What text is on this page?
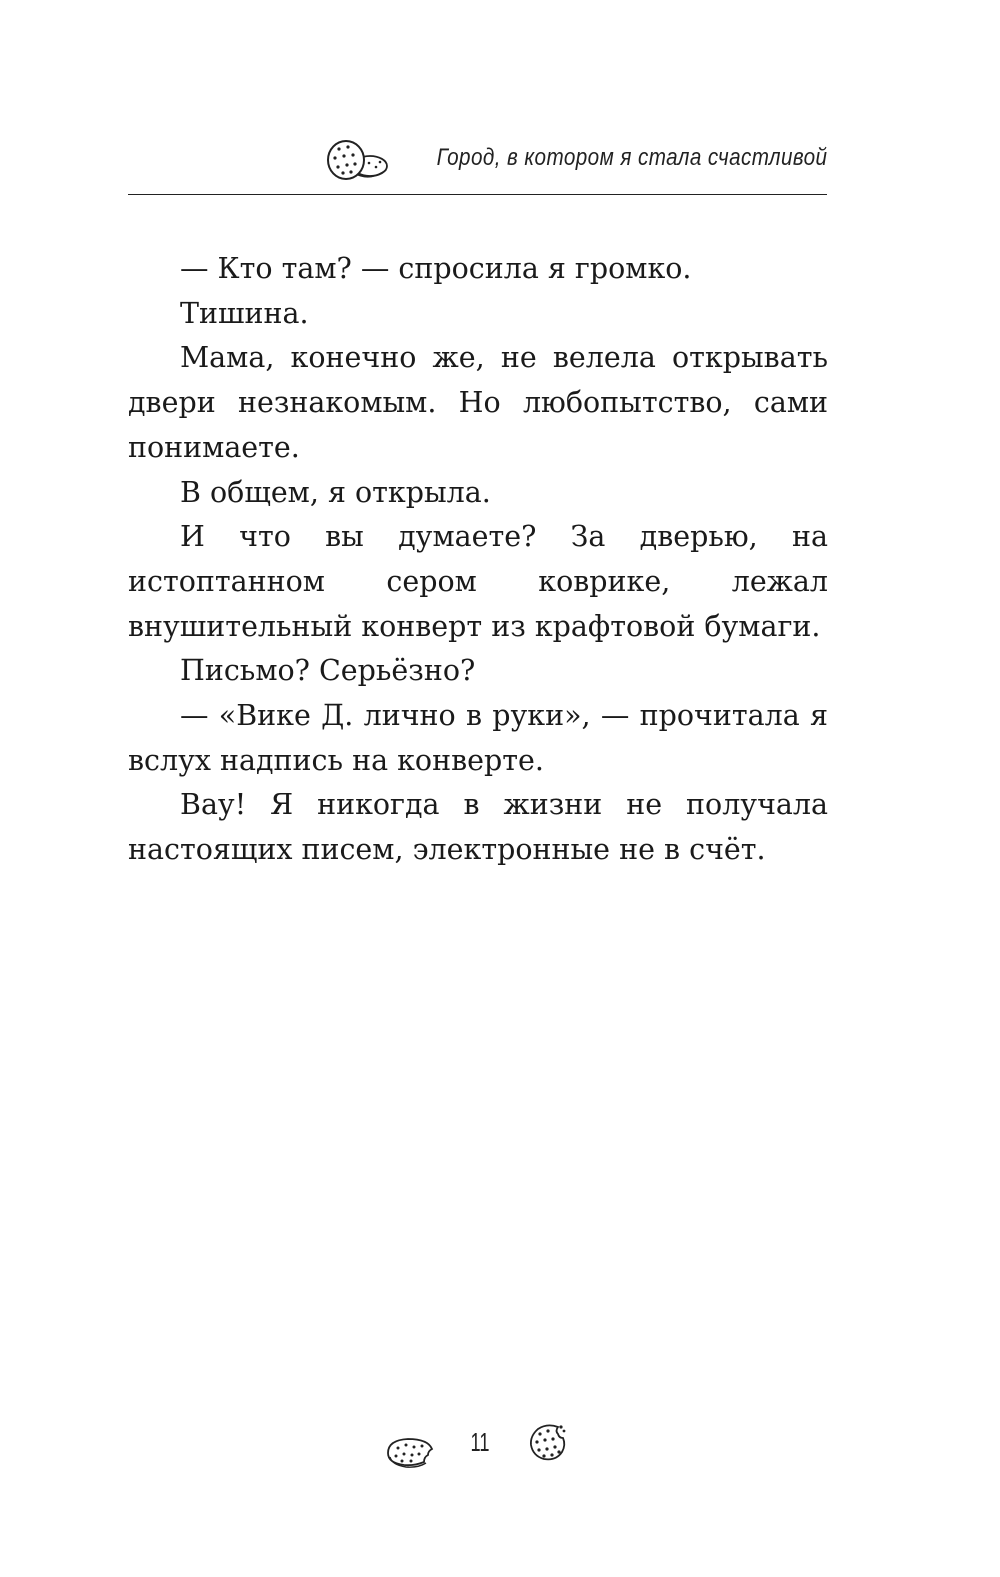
Город, в котором я стала счастливой

— Кто там? — спросила я громко.

Тишина.

Мама, конечно же, не велела открывать двери незнакомым. Но любопытство, сами понимаете.

В общем, я открыла.

И что вы думаете? За дверью, на истоптанном сером коврике, лежал внушительный конверт из крафтовой бумаги.

Письмо? Серьёзно?

— «Вике Д. лично в руки», — прочитала я вслух надпись на конверте.

Вау! Я никогда в жизни не получала настоящих писем, электронные не в счёт.

11
